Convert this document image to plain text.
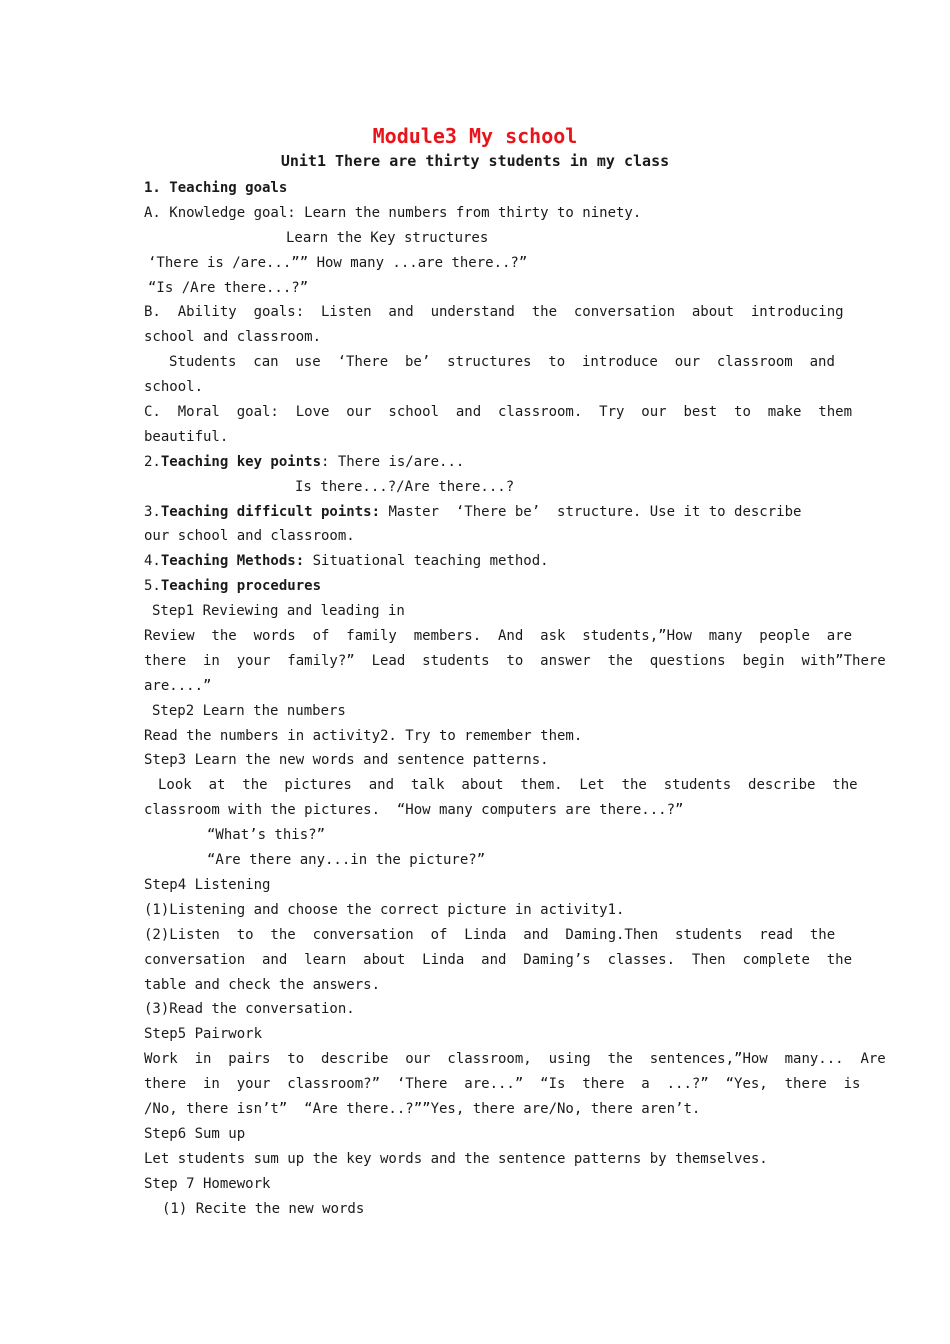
Module3 My school
Unit1 There are thirty students in my class
1. Teaching goals
A. Knowledge goal: Learn the numbers from thirty to ninety.
Learn the Key structures
‘There is /are...”” How many ...are there..?”
“Is /Are there...?”
B.  Ability  goals:  Listen  and  understand  the  conversation  about  introducing
school and classroom.
Students  can  use  ‘There  be’  structures  to  introduce  our  classroom  and
school.
C.  Moral  goal:  Love  our  school  and  classroom.  Try  our  best  to  make  them
beautiful.
2.Teaching key points: There is/are...
Is there...?/Are there...?
3.Teaching difficult points: Master  ‘There be’  structure. Use it to describe
our school and classroom.
4.Teaching Methods: Situational teaching method.
5.Teaching procedures
Step1 Reviewing and leading in
Review  the  words  of  family  members.  And  ask  students,”How  many  people  are
there  in  your  family?”  Lead  students  to  answer  the  questions  begin  with”There
are....”
Step2 Learn the numbers
Read the numbers in activity2. Try to remember them.
Step3 Learn the new words and sentence patterns.
Look  at  the  pictures  and  talk  about  them.  Let  the  students  describe  the
classroom with the pictures.  “How many computers are there...?”
“What’s this?”
“Are there any...in the picture?”
Step4 Listening
(1)Listening and choose the correct picture in activity1.
(2)Listen  to  the  conversation  of  Linda  and  Daming.Then  students  read  the
conversation  and  learn  about  Linda  and  Daming’s  classes.  Then  complete  the
table and check the answers.
(3)Read the conversation.
Step5 Pairwork
Work  in  pairs  to  describe  our  classroom,  using  the  sentences,”How  many...  Are
there  in  your  classroom?”  ‘There  are...”  “Is  there  a  ...?”  “Yes,  there  is
/No, there isn’t”  “Are there..?””Yes, there are/No, there aren’t.
Step6 Sum up
Let students sum up the key words and the sentence patterns by themselves.
Step 7 Homework
(1) Recite the new words
